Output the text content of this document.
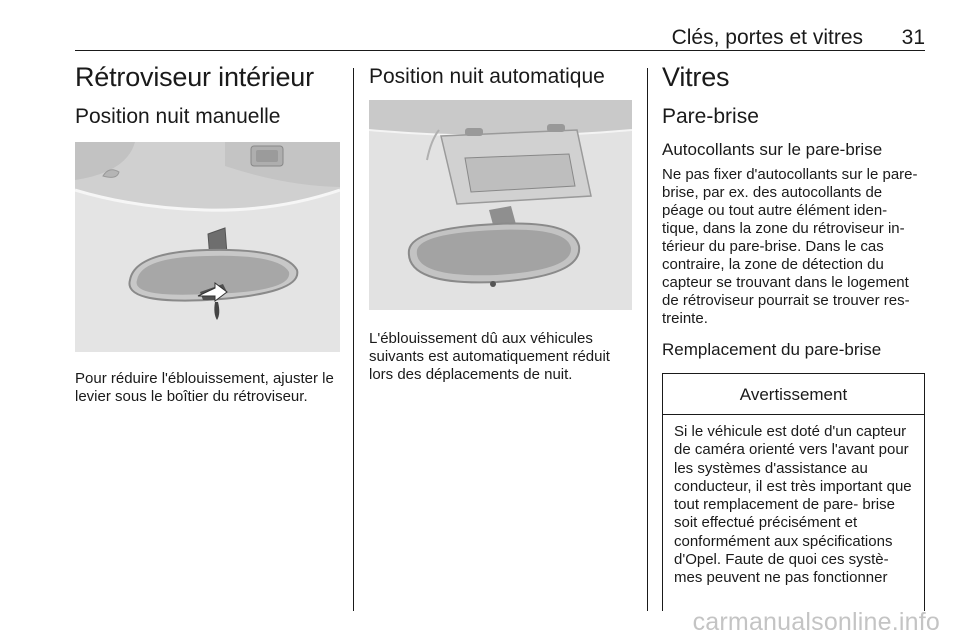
Clés, portes et vitres 31
Rétroviseur intérieur
Position nuit manuelle

Pour réduire l'éblouissement, ajuster le levier sous le boîtier du rétroviseur.

Position nuit automatique

L'éblouissement dû aux véhicules suivants est automatiquement réduit lors des déplacements de nuit.

Vitres
Pare-brise
Autocollants sur le pare-brise

Ne pas fixer d'autocollants sur le pare-brise, par ex. des autocollants de péage ou tout autre élément iden- tique, dans la zone du rétroviseur in- térieur du pare-brise. Dans le cas contraire, la zone de détection du capteur se trouvant dans le logement de rétroviseur pourrait se trouver res- treinte.

Remplacement du pare-brise
Avertissement
Si le véhicule est doté d'un capteur de caméra orienté vers l'avant pour les systèmes d'assistance au conducteur, il est très important que tout remplacement de pare- brise soit effectué précisément et conformément aux spécifications d'Opel. Faute de quoi ces systè- mes peuvent ne pas fonctionner
carmanualsonline.info
